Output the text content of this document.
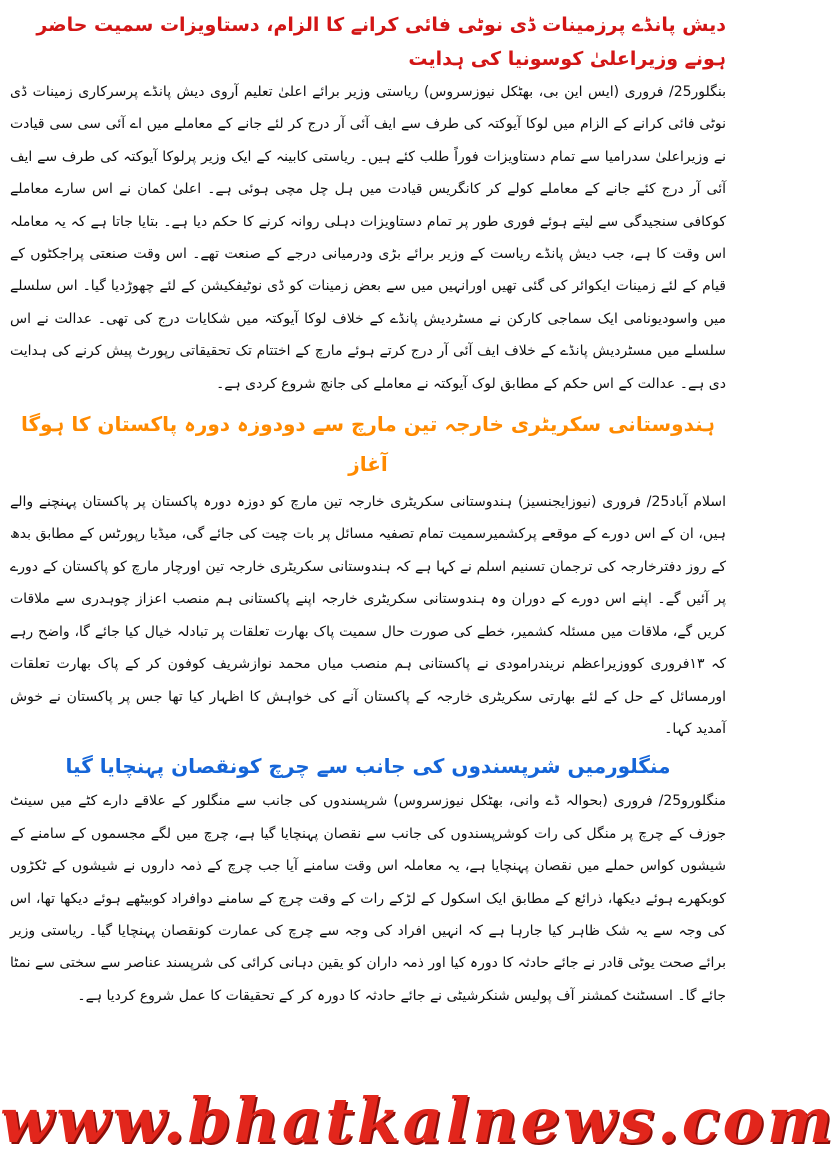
دیش پانڈے پرزمینات ڈی نوٹی فائی کرانے کا الزام، دستاویزات سمیت حاضر ہونے وزیراعلیٰ کوسونیا کی ہدایت

بنگلور25/ فروری (ایس این بی، بھٹکل نیوزسروس) ریاستی وزیر برائے اعلیٰ تعلیم آروی دیش پانڈے پرسرکاری زمینات ڈی نوٹی فائی کرانے کے الزام میں لوکا آیوکتہ کی طرف سے ایف آئی آر درج کر لئے جانے کے معاملے میں اے آئی سی سی قیادت نے وزیراعلیٰ سدرامیا سے تمام دستاویزات فوراً طلب کئے ہیں۔ ریاستی کابینہ کے ایک وزیر پرلوکا آیوکتہ کی طرف سے ایف آئی آر درج کئے جانے کے معاملے کولے کر کانگریس قیادت میں ہل چل مچی ہوئی ہے۔ اعلیٰ کمان نے اس سارے معاملے کوکافی سنجیدگی سے لیتے ہوئے فوری طور پر تمام دستاویزات دہلی روانہ کرنے کا حکم دیا ہے۔ بتایا جاتا ہے کہ یہ معاملہ اس وقت کا ہے، جب دیش پانڈے ریاست کے وزیر برائے بڑی ودرمیانی درجے کے صنعت تھے۔ اس وقت صنعتی پراجکٹوں کے قیام کے لئے زمینات ایکوائر کی گئی تھیں اورانہیں میں سے بعض زمینات کو ڈی نوٹیفکیشن کے لئے چھوڑدیا گیا۔ اس سلسلے میں واسودیونامی ایک سماجی کارکن نے مسٹردیش پانڈے کے خلاف لوکا آیوکتہ میں شکایات درج کی تھی۔ عدالت نے اس سلسلے میں مسٹردیش پانڈے کے خلاف ایف آئی آر درج کرتے ہوئے مارچ کے اختتام تک تحقیقاتی رپورٹ پیش کرنے کی ہدایت دی ہے۔ عدالت کے اس حکم کے مطابق لوک آیوکتہ نے معاملے کی جانچ شروع کردی ہے۔

ہندوستانی سکریٹری خارجہ تین مارچ سے دودوزہ دورہ پاکستان کا ہوگا آغاز

اسلام آباد25/ فروری (نیوزایجنسیز) ہندوستانی سکریٹری خارجہ تین مارچ کو دوزہ دورہ پاکستان پر پاکستان پہنچنے والے ہیں، ان کے اس دورے کے موقعے پرکشمیرسمیت تمام تصفیہ مسائل پر بات چیت کی جائے گی، میڈیا رپورٹس کے مطابق بدھ کے روز دفترخارجہ کی ترجمان تسنیم اسلم نے کہا ہے کہ ہندوستانی سکریٹری خارجہ تین اورچار مارچ کو پاکستان کے دورے پر آئیں گے۔ اپنے اس دورے کے دوران وہ ہندوستانی سکریٹری خارجہ اپنے پاکستانی ہم منصب اعزاز چوہدری سے ملاقات کریں گے، ملاقات میں مسئلہ کشمیر، خطے کی صورت حال سمیت پاک بھارت تعلقات پر تبادلہ خیال کیا جائے گا، واضح رہے کہ ۱۳فروری کووزیراعظم نریندرامودی نے پاکستانی ہم منصب میاں محمد نوازشریف کوفون کر کے پاک بھارت تعلقات اورمسائل کے حل کے لئے بھارتی سکریٹری خارجہ کے پاکستان آنے کی خواہش کا اظہار کیا تھا جس پر پاکستان نے خوش آمدید کہا۔

منگلورمیں شرپسندوں کی جانب سے چرچ کونقصان پہنچایا گیا

منگلورو25/ فروری (بحوالہ ڈے وانی، بھٹکل نیوزسروس) شرپسندوں کی جانب سے منگلور کے علاقے دارے کٹے میں سینٹ جوزف کے چرچ پر منگل کی رات کوشرپسندوں کی جانب سے نقصان پہنچایا گیا ہے، چرچ میں لگے مجسموں کے سامنے کے شیشوں کواس حملے میں نقصان پہنچایا ہے، یہ معاملہ اس وقت سامنے آیا جب چرچ کے ذمہ داروں نے شیشوں کے ٹکڑوں کوبکھرے ہوئے دیکھا، ذرائع کے مطابق ایک اسکول کے لڑکے رات کے وقت چرچ کے سامنے دوافراد کوبیٹھے ہوئے دیکھا تھا، اس کی وجہ سے یہ شک ظاہر کیا جارہا ہے کہ انہیں افراد کی وجہ سے چرچ کی عمارت کونقصان پہنچایا گیا۔ ریاستی وزیر برائے صحت یوٹی قادر نے جائے حادثہ کا دورہ کیا اور ذمہ داران کو یقین دہانی کرائی کی شرپسند عناصر سے سختی سے نمٹا جائے گا۔ اسسٹنٹ کمشنر آف پولیس شنکرشیٹی نے جائے حادثہ کا دورہ کر کے تحقیقات کا عمل شروع کردیا ہے۔

www.bhatkalnews.com
